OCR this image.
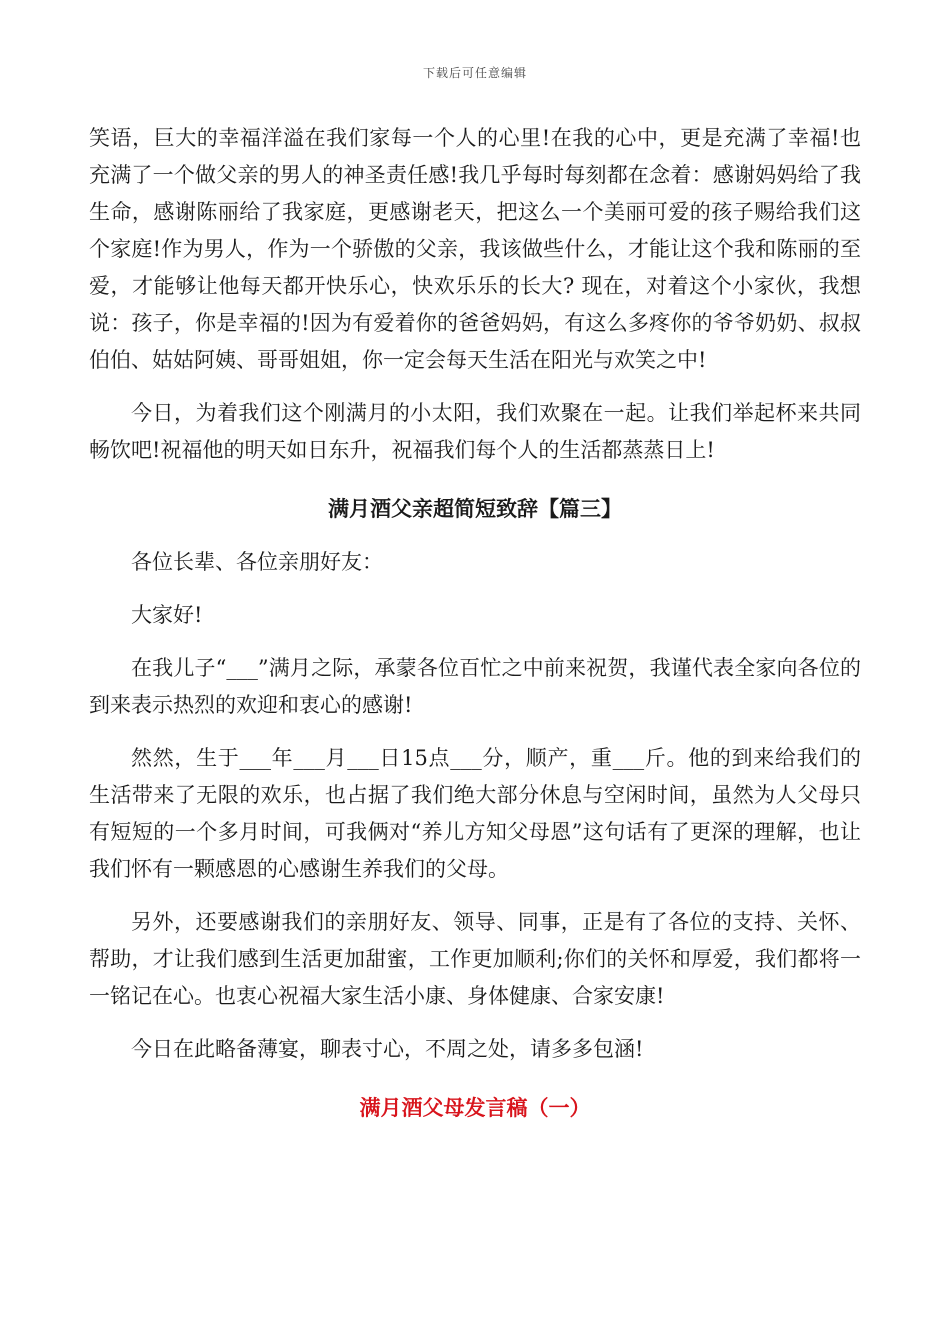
下载后可任意编辑

笑语，巨大的幸福洋溢在我们家每一个人的心里!在我的心中，更是充满了幸福!也充满了一个做父亲的男人的神圣责任感!我几乎每时每刻都在念着：感谢妈妈给了我生命，感谢陈丽给了我家庭，更感谢老天，把这么一个美丽可爱的孩子赐给我们这个家庭!作为男人，作为一个骄傲的父亲，我该做些什么，才能让这个我和陈丽的至爱，才能够让他每天都开快乐心，快欢乐乐的长大? 现在，对着这个小家伙，我想说：孩子，你是幸福的!因为有爱着你的爸爸妈妈，有这么多疼你的爷爷奶奶、叔叔伯伯、姑姑阿姨、哥哥姐姐，你一定会每天生活在阳光与欢笑之中!

今日，为着我们这个刚满月的小太阳，我们欢聚在一起。让我们举起杯来共同畅饮吧!祝福他的明天如日东升，祝福我们每个人的生活都蒸蒸日上!

满月酒父亲超简短致辞【篇三】

各位长辈、各位亲朋好友：

大家好!

在我儿子“___”满月之际，承蒙各位百忙之中前来祝贺，我谨代表全家向各位的到来表示热烈的欢迎和衷心的感谢!

然然，生于___年___月___日15点___分，顺产，重___斤。他的到来给我们的生活带来了无限的欢乐，也占据了我们绝大部分休息与空闲时间，虽然为人父母只有短短的一个多月时间，可我俩对“养儿方知父母恩”这句话有了更深的理解，也让我们怀有一颗感恩的心感谢生养我们的父母。

另外，还要感谢我们的亲朋好友、领导、同事，正是有了各位的支持、关怀、帮助，才让我们感到生活更加甜蜜，工作更加顺利;你们的关怀和厚爱，我们都将一一铭记在心。也衷心祝福大家生活小康、身体健康、合家安康!

今日在此略备薄宴，聊表寸心，不周之处，请多多包涵!

满月酒父母发言稿（一）
